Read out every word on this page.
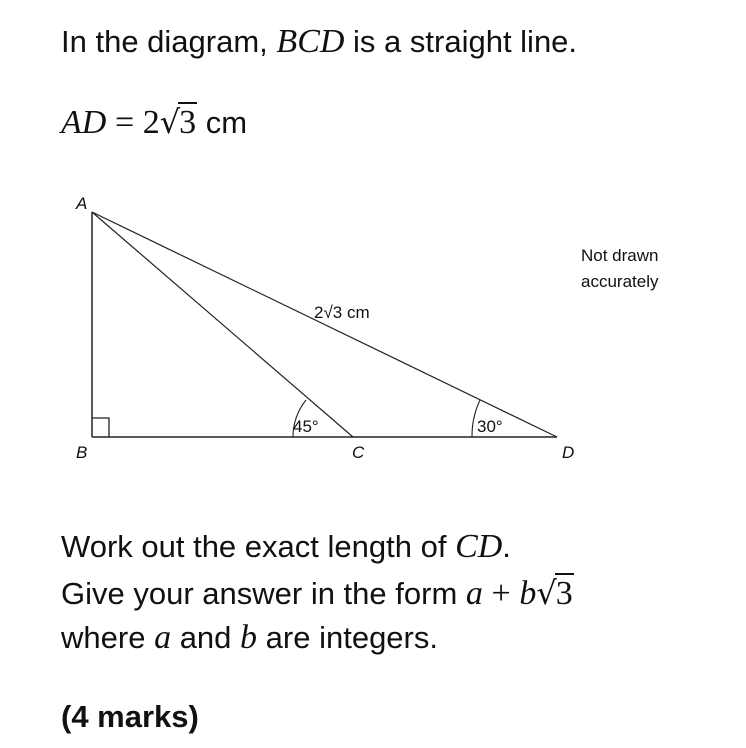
In the diagram, BCD is a straight line.
AD = 2√3 cm
A
B	C	D
2√3 cm
45°	30°
Not drawn
accurately
Work out the exact length of CD.
Give your answer in the form a + b√3
where a and b are integers.
(4 marks)
